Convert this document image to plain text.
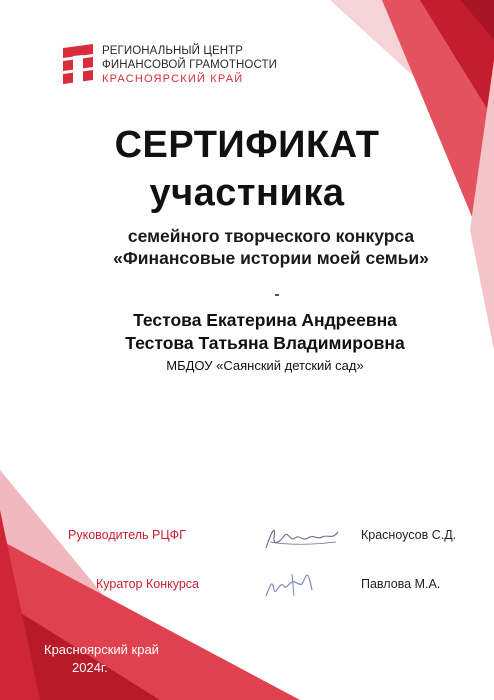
РЕГИОНАЛЬНЫЙ ЦЕНТР
ФИНАНСОВОЙ ГРАМОТНОСТИ
КРАСНОЯРСКИЙ КРАЙ
СЕРТИФИКАТ
участника
семейного творческого конкурса
«Финансовые истории моей семьи»
Тестова Екатерина Андреевна
Тестова Татьяна Владимировна
МБДОУ «Саянский детский сад»
Руководитель РЦФГ	Красноусов С.Д.
Куратор Конкурса	Павлова М.А.
Красноярский край
2024г.
